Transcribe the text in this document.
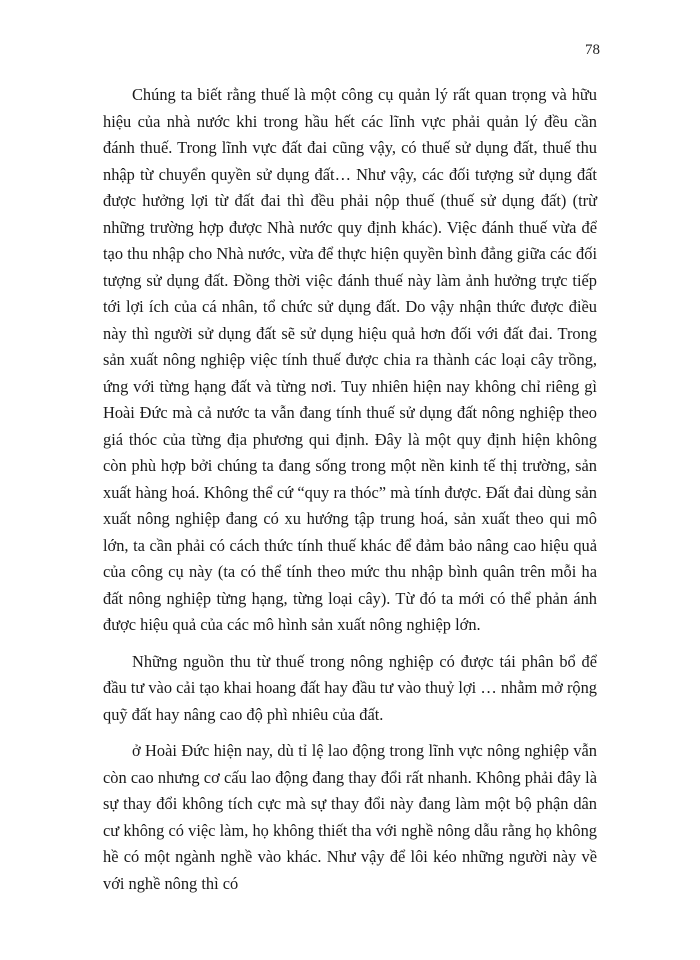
78

Chúng ta biết rằng thuế là một công cụ quản lý rất quan trọng và hữu hiệu của nhà nước khi trong hầu hết các lĩnh vực phải quản lý đều cần đánh thuế. Trong lĩnh vực đất đai cũng vậy, có thuế sử dụng đất, thuế thu nhập từ chuyển quyền sử dụng đất… Như vậy, các đối tượng sử dụng đất được hưởng lợi từ đất đai thì đều phải nộp thuế (thuế sử dụng đất) (trừ những trường hợp được Nhà nước quy định khác). Việc đánh thuế vừa để tạo thu nhập cho Nhà nước, vừa để thực hiện quyền bình đẳng giữa các đối tượng sử dụng đất. Đồng thời việc đánh thuế này làm ảnh hưởng trực tiếp tới lợi ích của cá nhân, tổ chức sử dụng đất. Do vậy nhận thức được điều này thì người sử dụng đất sẽ sử dụng hiệu quả hơn đối với đất đai. Trong sản xuất nông nghiệp việc tính thuế được chia ra thành các loại cây trồng, ứng với từng hạng đất và từng nơi. Tuy nhiên hiện nay không chỉ riêng gì Hoài Đức mà cả nước ta vẫn đang tính thuế sử dụng đất nông nghiệp theo giá thóc của từng địa phương qui định. Đây là một quy định hiện không còn phù hợp bởi chúng ta đang sống trong một nền kinh tế thị trường, sản xuất hàng hoá. Không thể cứ “quy ra thóc” mà tính được. Đất đai dùng sản xuất nông nghiệp đang có xu hướng tập trung hoá, sản xuất theo qui mô lớn, ta cần phải có cách thức tính thuế khác để đảm bảo nâng cao hiệu quả của công cụ này (ta có thể tính theo mức thu nhập bình quân trên mỗi ha đất nông nghiệp từng hạng, từng loại cây). Từ đó ta mới có thể phản ánh được hiệu quả của các mô hình sản xuất nông nghiệp lớn.

Những nguồn thu từ thuế trong nông nghiệp có được tái phân bổ để đầu tư vào cải tạo khai hoang đất hay đầu tư vào thuỷ lợi … nhằm mở rộng quỹ đất hay nâng cao độ phì nhiêu của đất.

ở Hoài Đức hiện nay, dù tỉ lệ lao động trong lĩnh vực nông nghiệp vẫn còn cao nhưng cơ cấu lao động đang thay đổi rất nhanh. Không phải đây là sự thay đổi không tích cực mà sự thay đổi này đang làm một bộ phận dân cư không có việc làm, họ không thiết tha với nghề nông dẫu rằng họ không hề có một ngành nghề vào khác. Như vậy để lôi kéo những người này về với nghề nông thì có
